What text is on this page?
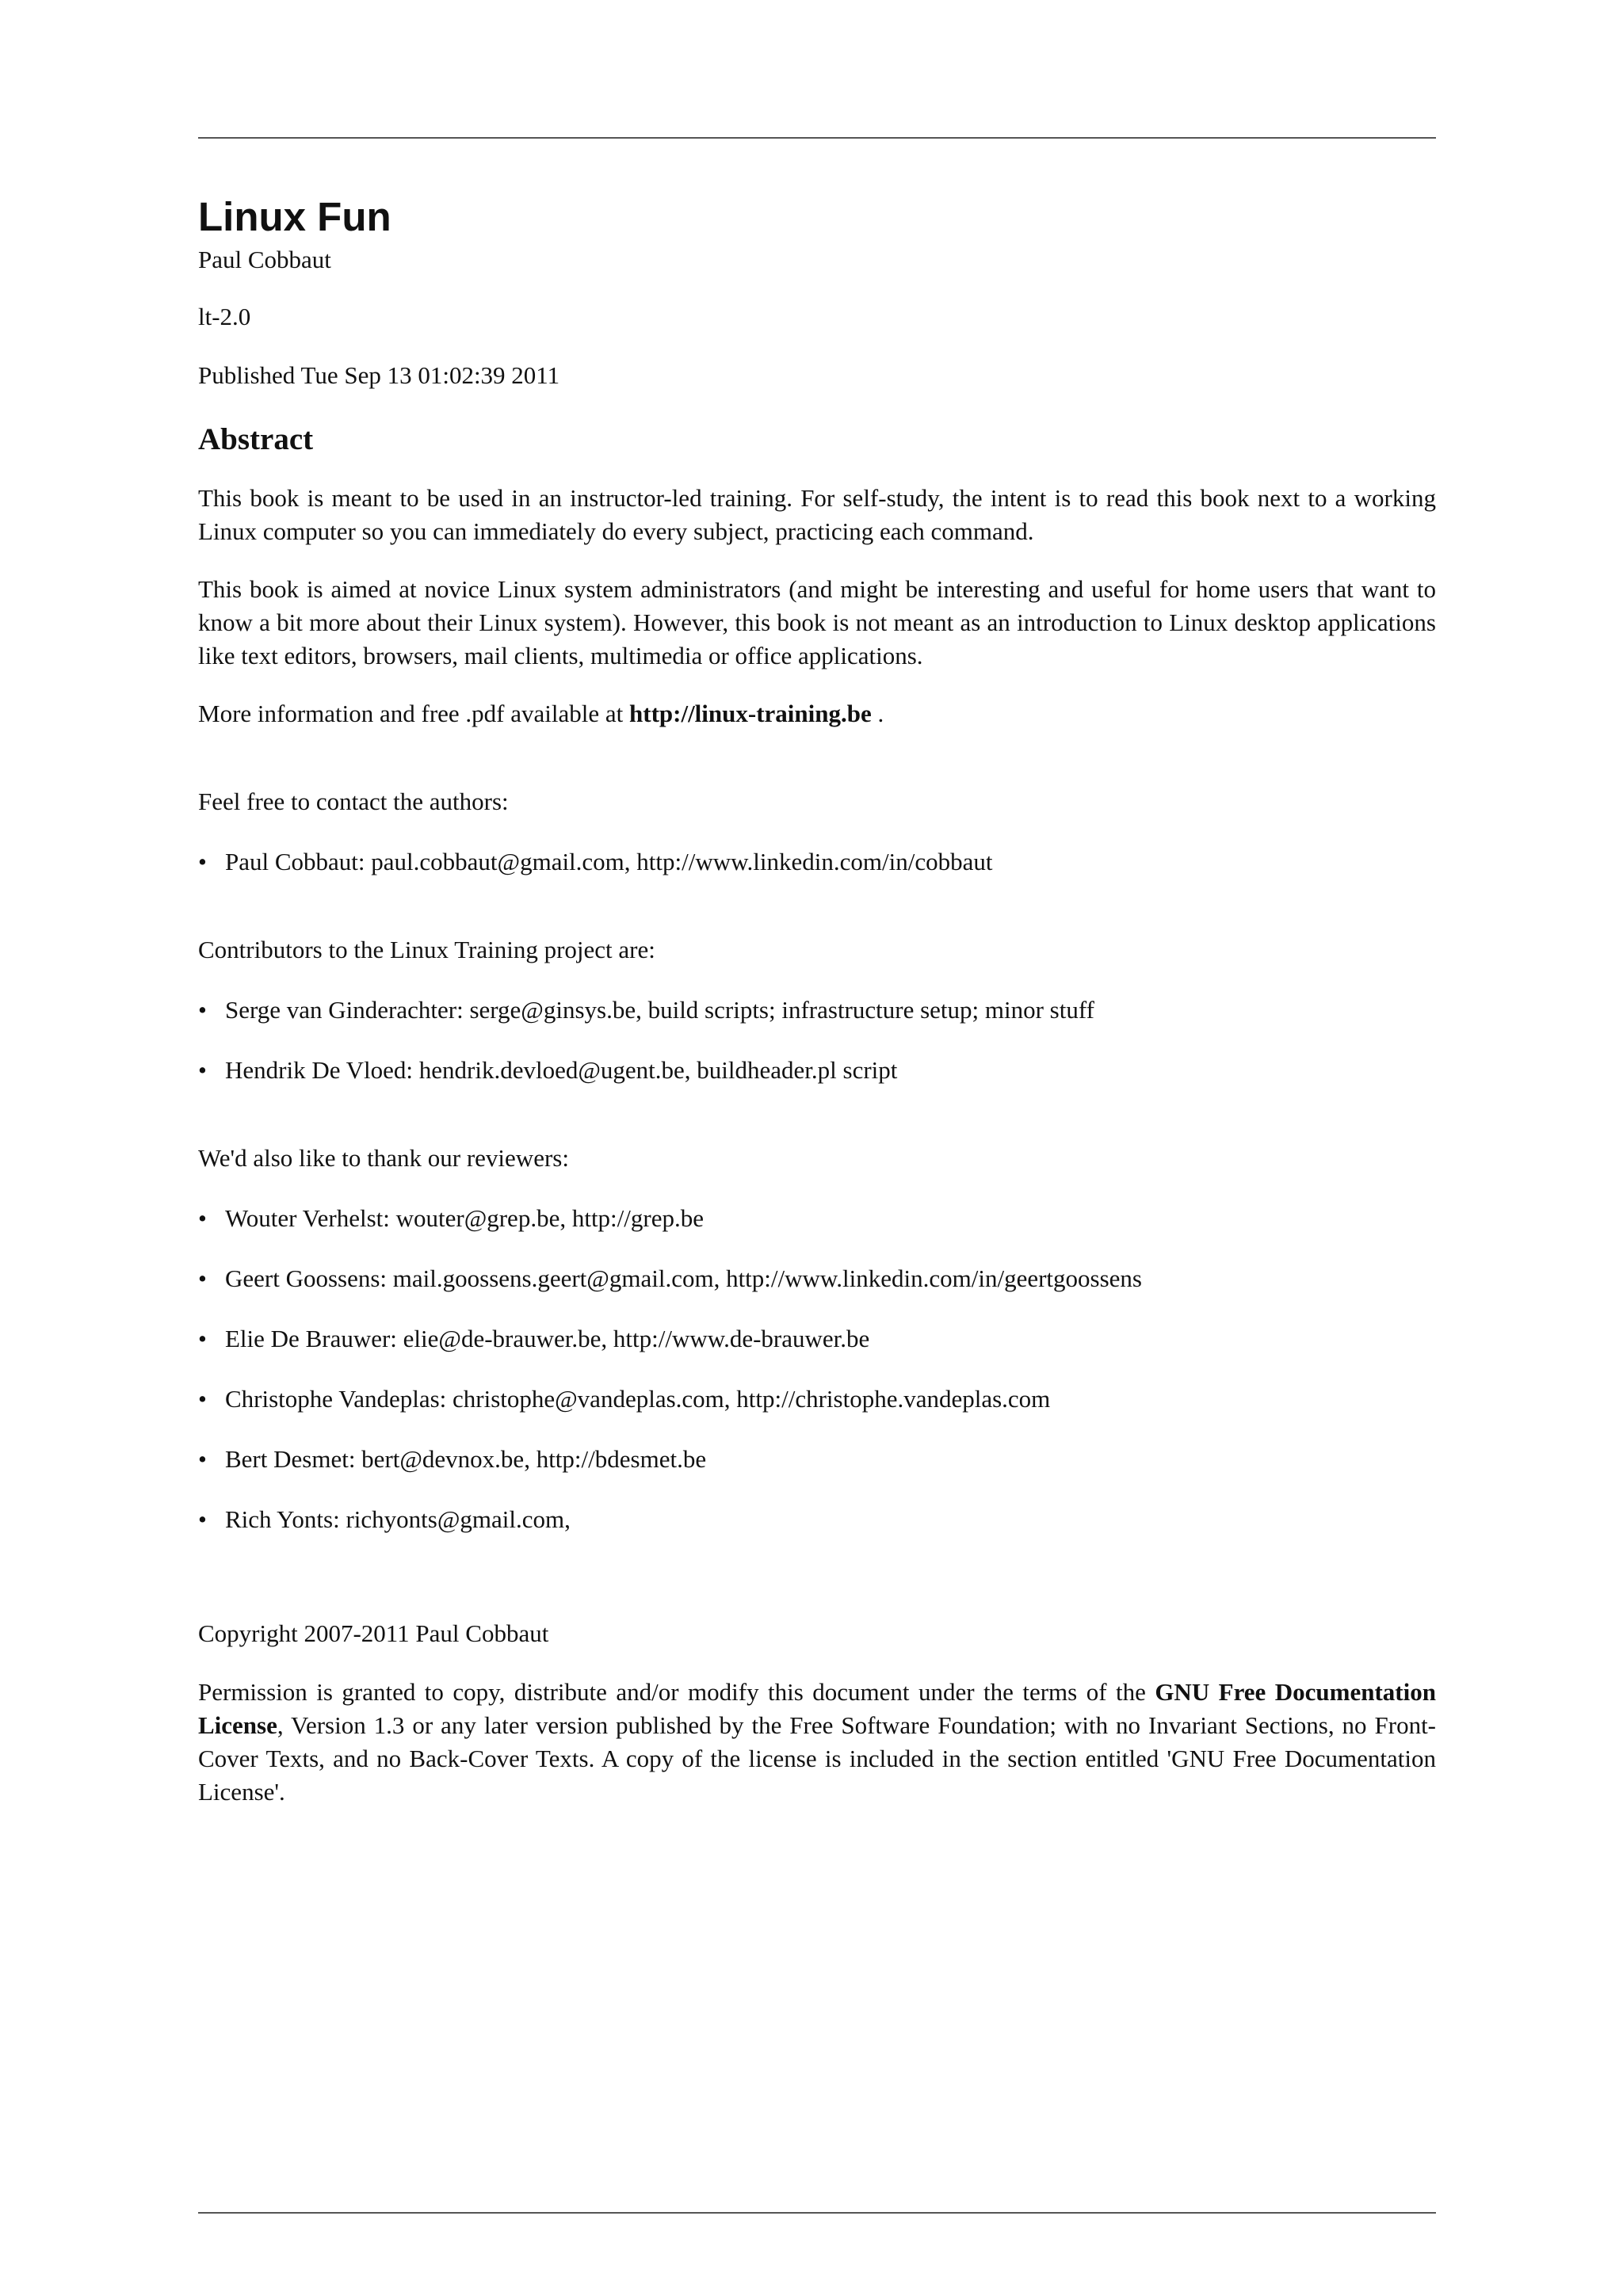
Linux Fun

Paul Cobbaut

lt-2.0

Published Tue Sep 13 01:02:39 2011

Abstract

This book is meant to be used in an instructor-led training. For self-study, the intent is to read this book next to a working Linux computer so you can immediately do every subject, practicing each command.

This book is aimed at novice Linux system administrators (and might be interesting and useful for home users that want to know a bit more about their Linux system). However, this book is not meant as an introduction to Linux desktop applications like text editors, browsers, mail clients, multimedia or office applications.

More information and free .pdf available at http://linux-training.be .

Feel free to contact the authors:

• Paul Cobbaut: paul.cobbaut@gmail.com, http://www.linkedin.com/in/cobbaut

Contributors to the Linux Training project are:

• Serge van Ginderachter: serge@ginsys.be, build scripts; infrastructure setup; minor stuff
• Hendrik De Vloed: hendrik.devloed@ugent.be, buildheader.pl script

We'd also like to thank our reviewers:

• Wouter Verhelst: wouter@grep.be, http://grep.be
• Geert Goossens: mail.goossens.geert@gmail.com, http://www.linkedin.com/in/geertgoossens
• Elie De Brauwer: elie@de-brauwer.be, http://www.de-brauwer.be
• Christophe Vandeplas: christophe@vandeplas.com, http://christophe.vandeplas.com
• Bert Desmet: bert@devnox.be, http://bdesmet.be
• Rich Yonts: richyonts@gmail.com,

Copyright 2007-2011 Paul Cobbaut

Permission is granted to copy, distribute and/or modify this document under the terms of the GNU Free Documentation License, Version 1.3 or any later version published by the Free Software Foundation; with no Invariant Sections, no Front-Cover Texts, and no Back-Cover Texts. A copy of the license is included in the section entitled 'GNU Free Documentation License'.
